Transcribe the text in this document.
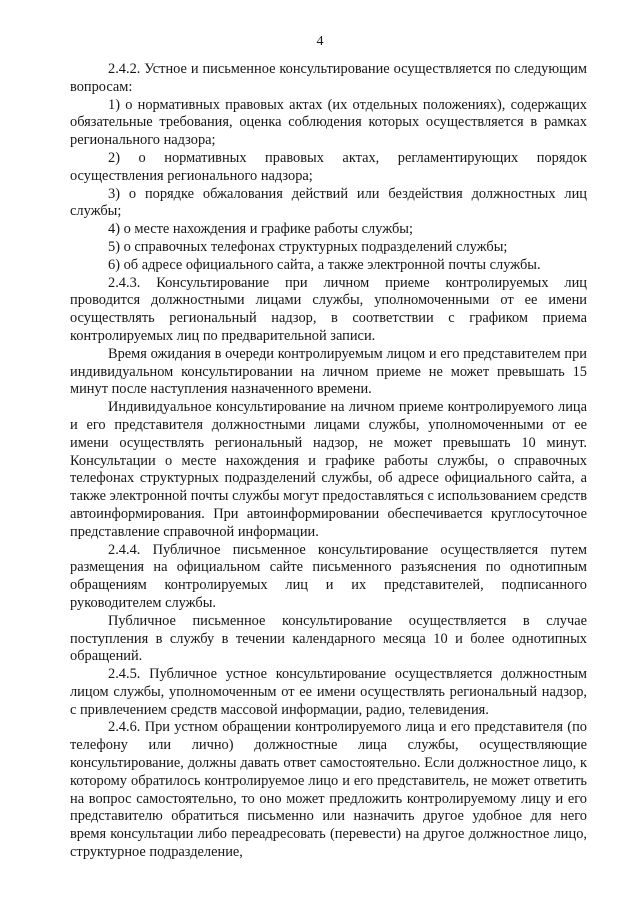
4

2.4.2. Устное и письменное консультирование осуществляется по следующим вопросам:

1) о нормативных правовых актах (их отдельных положениях), содержащих обязательные требования, оценка соблюдения которых осуществляется в рамках регионального надзора;

2) о нормативных правовых актах, регламентирующих порядок осуществления регионального надзора;

3) о порядке обжалования действий или бездействия должностных лиц службы;

4) о месте нахождения и графике работы службы;

5) о справочных телефонах структурных подразделений службы;

6) об адресе официального сайта, а также электронной почты службы.

2.4.3. Консультирование при личном приеме контролируемых лиц проводится должностными лицами службы, уполномоченными от ее имени осуществлять региональный надзор, в соответствии с графиком приема контролируемых лиц по предварительной записи.

Время ожидания в очереди контролируемым лицом и его представителем при индивидуальном консультировании на личном приеме не может превышать 15 минут после наступления назначенного времени.

Индивидуальное консультирование на личном приеме контролируемого лица и его представителя должностными лицами службы, уполномоченными от ее имени осуществлять региональный надзор, не может превышать 10 минут. Консультации о месте нахождения и графике работы службы, о справочных телефонах структурных подразделений службы, об адресе официального сайта, а также электронной почты службы могут предоставляться с использованием средств автоинформирования. При автоинформировании обеспечивается круглосуточное представление справочной информации.

2.4.4. Публичное письменное консультирование осуществляется путем размещения на официальном сайте письменного разъяснения по однотипным обращениям контролируемых лиц и их представителей, подписанного руководителем службы.

Публичное письменное консультирование осуществляется в случае поступления в службу в течении календарного месяца 10 и более однотипных обращений.

2.4.5. Публичное устное консультирование осуществляется должностным лицом службы, уполномоченным от ее имени осуществлять региональный надзор, с привлечением средств массовой информации, радио, телевидения.

2.4.6. При устном обращении контролируемого лица и его представителя (по телефону или лично) должностные лица службы, осуществляющие консультирование, должны давать ответ самостоятельно. Если должностное лицо, к которому обратилось контролируемое лицо и его представитель, не может ответить на вопрос самостоятельно, то оно может предложить контролируемому лицу и его представителю обратиться письменно или назначить другое удобное для него время консультации либо переадресовать (перевести) на другое должностное лицо, структурное подразделение,
